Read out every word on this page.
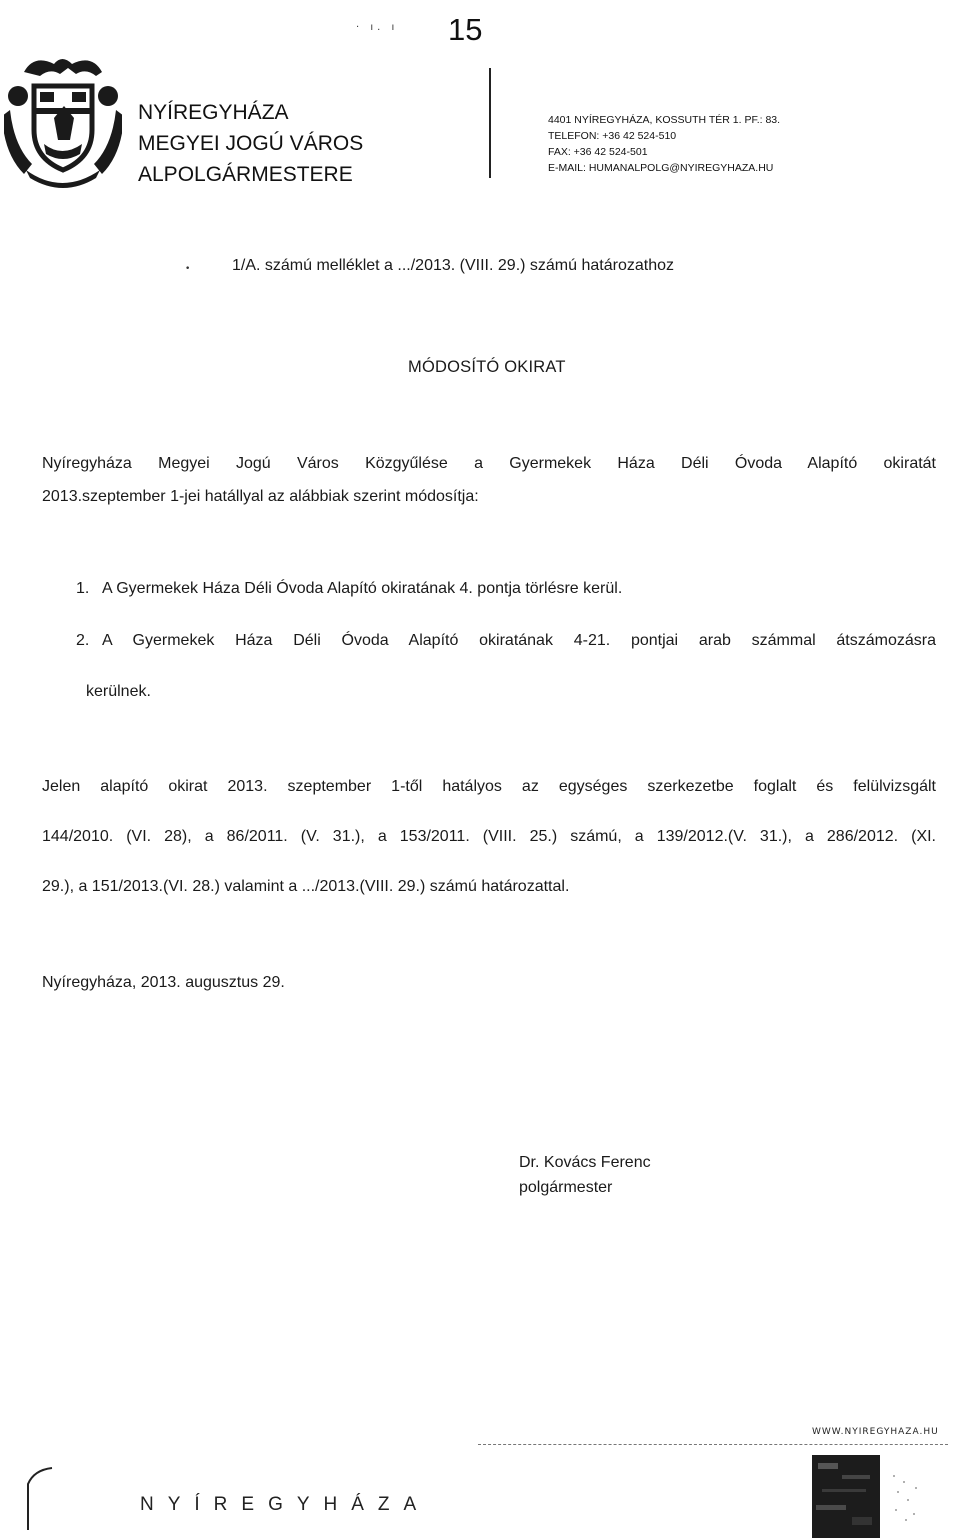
· ı. ı 15
NYÍREGYHÁZA
MEGYEI JOGÚ VÁROS
ALPOLGÁRMESTERE
4401 NYÍREGYHÁZA, KOSSUTH TÉR 1. PF.: 83.
TELEFON: +36 42 524-510
FAX: +36 42 524-501
E-MAIL: HUMANALPOLG@NYIREGYHAZA.HU
•	1/A. számú melléklet a .../2013. (VIII. 29.) számú határozathoz
MÓDOSÍTÓ OKIRAT
Nyíregyháza Megyei Jogú Város Közgyűlése a Gyermekek Háza Déli Óvoda Alapító okiratát
2013.szeptember 1-jei hatállyal az alábbiak szerint módosítja:
1. A Gyermekek Háza Déli Óvoda Alapító okiratának 4. pontja törlésre kerül.
2. A Gyermekek Háza Déli Óvoda Alapító okiratának 4-21. pontjai arab számmal átszámozásra
kerülnek.
Jelen alapító okirat 2013. szeptember 1-től hatályos az egységes szerkezetbe foglalt és felülvizsgált
144/2010. (VI. 28), a 86/2011. (V. 31.), a 153/2011. (VIII. 25.) számú, a 139/2012.(V. 31.), a 286/2012. (XI.
29.), a 151/2013.(VI. 28.) valamint a .../2013.(VIII. 29.) számú határozattal.
Nyíregyháza, 2013. augusztus 29.
Dr. Kovács Ferenc
polgármester
WWW.NYIREGYHAZA.HU
NYÍREGYHÁZA
